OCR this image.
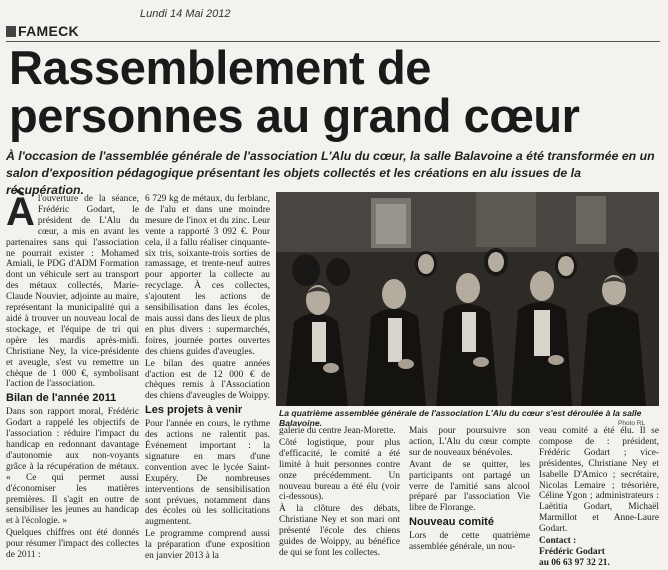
Lundi 14 Mai 2012
FAMECK
Rassemblement de
personnes au grand cœur

À l'occasion de l'assemblée générale de l'association L'Alu du cœur, la salle Balavoine a été transformée en un salon d'exposition pédagogique présentant les objets collectés et les créations en alu issues de la récupération.

À l'ouverture de la séance, Frédéric Godart, le président de L'Alu du cœur, a mis en avant les partenaires sans qui l'association ne pourrait exister : Mohamed Amiali, le PDG d'ADM Formation dont un véhicule sert au transport des métaux collectés, Marie-Claude Nouvier, adjointe au maire, représentant la municipalité qui a aidé à trouver un nouveau local de stockage, et l'équipe de tri qui opère les mardis après-midi. Christiane Ney, la vice-présidente et aveugle, s'est vu remettre un chèque de 1 000 €, symbolisant l'action de l'association.

Bilan de l'année 2011

Dans son rapport moral, Frédéric Godart a rappelé les objectifs de l'association : réduire l'impact du handicap en redonnant davantage d'autonomie aux non-voyants grâce à la récupération de métaux. « Ce qui permet aussi d'économiser les matières premières. Il s'agit en outre de sensibiliser les jeunes au handicap et à l'écologie. »

Quelques chiffres ont été donnés pour résumer l'impact des collectes de 2011 :

6 729 kg de métaux, du ferblanc, de l'alu et dans une moindre mesure de l'inox et du zinc. Leur vente a rapporté 3 092 €. Pour cela, il a fallu réaliser cinquante-six tris, soixante-trois sorties de ramassage, et trente-neuf autres pour apporter la collecte au recyclage. À ces collectes, s'ajoutent les actions de sensibilisation dans les écoles, mais aussi dans des lieux de plus en plus divers : supermarchés, foires, journée portes ouvertes des chiens guides d'aveugles.

Le bilan des quatre années d'action est de 12 000 € de chèques remis à l'Association des chiens d'aveugles de Woippy.

Les projets à venir

Pour l'année en cours, le rythme des actions ne ralentit pas. Événement important : la signature en mars d'une convention avec le lycée Saint-Exupéry. De nombreuses interventions de sensibilisation sont prévues, notamment dans des écoles où les sollicitations augmentent.

Le programme comprend aussi la préparation d'une exposition en janvier 2013 à la

La quatrième assemblée générale de l'association L'Alu du cœur s'est déroulée à la salle Balavoine.	Photo RL

galerie du centre Jean-Morette.

Côté logistique, pour plus d'efficacité, le comité a été limité à huit personnes contre onze précédemment. Un nouveau bureau a été élu (voir ci-dessous).

À la clôture des débats, Christiane Ney et son mari ont présenté l'école des chiens guides de Woippy, au bénéfice de qui se font les collectes.

Mais pour poursuivre son action, L'Alu du cœur compte sur de nouveaux bénévoles.

Avant de se quitter, les participants ont partagé un verre de l'amitié sans alcool préparé par l'association Vie libre de Florange.

Nouveau comité

Lors de cette quatrième assemblée générale, un nou-

veau comité a été élu. Il se compose de : président, Frédéric Godart ; vice-présidentes, Christiane Ney et Isabelle D'Amico ; secrétaire, Nicolas Lemaire ; trésorière, Céline Ygon ; administrateurs : Laëtitia Godart, Michaël Marmillot et Anne-Laure Godart.

Contact :
Frédéric Godart
au 06 63 97 32 21.
